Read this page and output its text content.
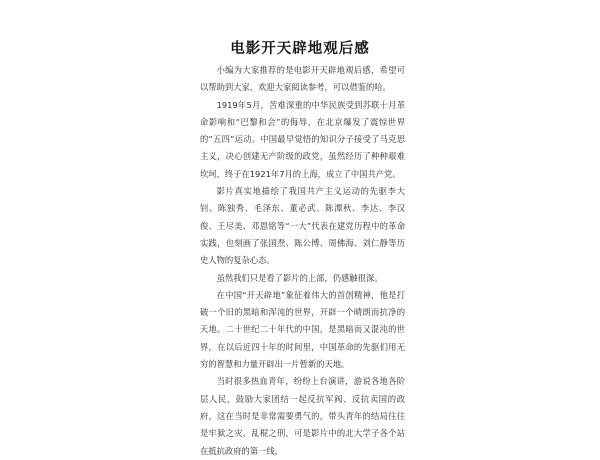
电影开天辟地观后感

小编为大家推荐的是电影开天辟地观后感，希望可以帮助到大家，欢迎大家阅读参考，可以借鉴的哈。

1919年5月，苦难深重的中华民族受到苏联十月革命影响和“巴黎和会”的侮辱，在北京爆发了震惊世界的“五四”运动。中国最早觉悟的知识分子接受了马克思主义，决心创建无产阶级的政党，虽然经历了种种艰难坎坷，终于在1921年7月的上海，成立了中国共产党。

影片真实地描绘了我国共产主义运动的先驱李大钊、陈独秀、毛泽东、董必武、陈潭秋、李达、李汉俊、王尽美、邓恩铭等“一大”代表在建党历程中的革命实践，也刻画了张国焘、陈公博、周佛海、刘仁静等历史人物的复杂心态。

虽然我们只是看了影片的上部，仍感触很深。

在中国“开天辟地”象征着伟大的首创精神，他是打破一个旧的黑暗和浑沌的世界，开辟一个晴朗而抗净的天地。二十世纪二十年代的中国，是黑暗而又混沌的世界，在以后近四十年的时间里，中国革命的先驱们用无穷的智慧和力量开辟出一片暂新的天地。

当时很多热血青年，纷纷上台演讲，游说各地各阶层人民，鼓励大家团结一起反抗军阀、反抗卖国的政府，这在当时是非常需要勇气的，带头青年的结局往往是牢狱之灾，乱棍之刑，可是影片中的北大学子各个站在抵抗政府的第一线，
